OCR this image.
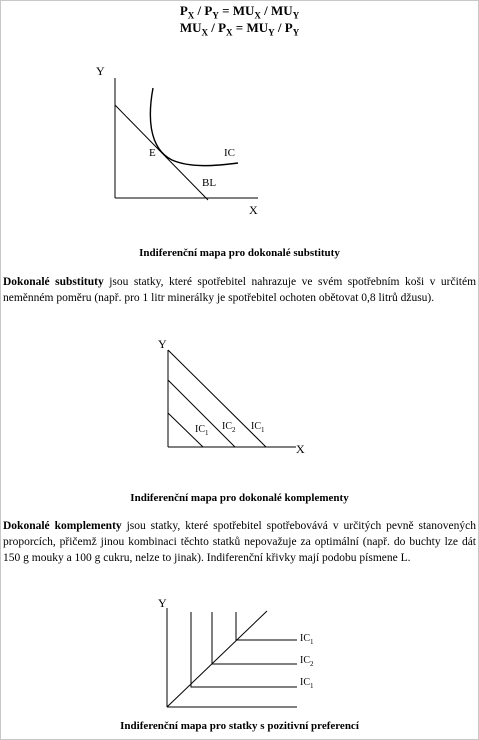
$P_X / P_Y = MU_X / MU_Y$
$MU_X / P_X = MU_Y / P_Y$
Y
X
E	IC
BL
Indiferenční mapa pro dokonalé substituty
Dokonalé substituty jsou statky, které spotřebitel nahrazuje ve svém spotřebním koši v určitém neměnném poměru (např. pro 1 litr minerálky je spotřebitel ochoten obětovat 0,8 litrů džusu).
Y
X
$IC_1$
$IC_2$ $IC_1$
Indiferenční mapa pro dokonalé komplementy
Dokonalé komplementy jsou statky, které spotřebitel spotřebovává v určitých pevně stanovených proporcích, přičemž jinou kombinaci těchto statků nepovažuje za optimální (např. do buchty lze dát 150 g mouky a 100 g cukru, nelze to jinak). Indiferenční křivky mají podobu písmene L.
Y
$IC_1$
$IC_2$
$IC_1$
Indiferenční mapa pro statky s pozitivní preferencí
